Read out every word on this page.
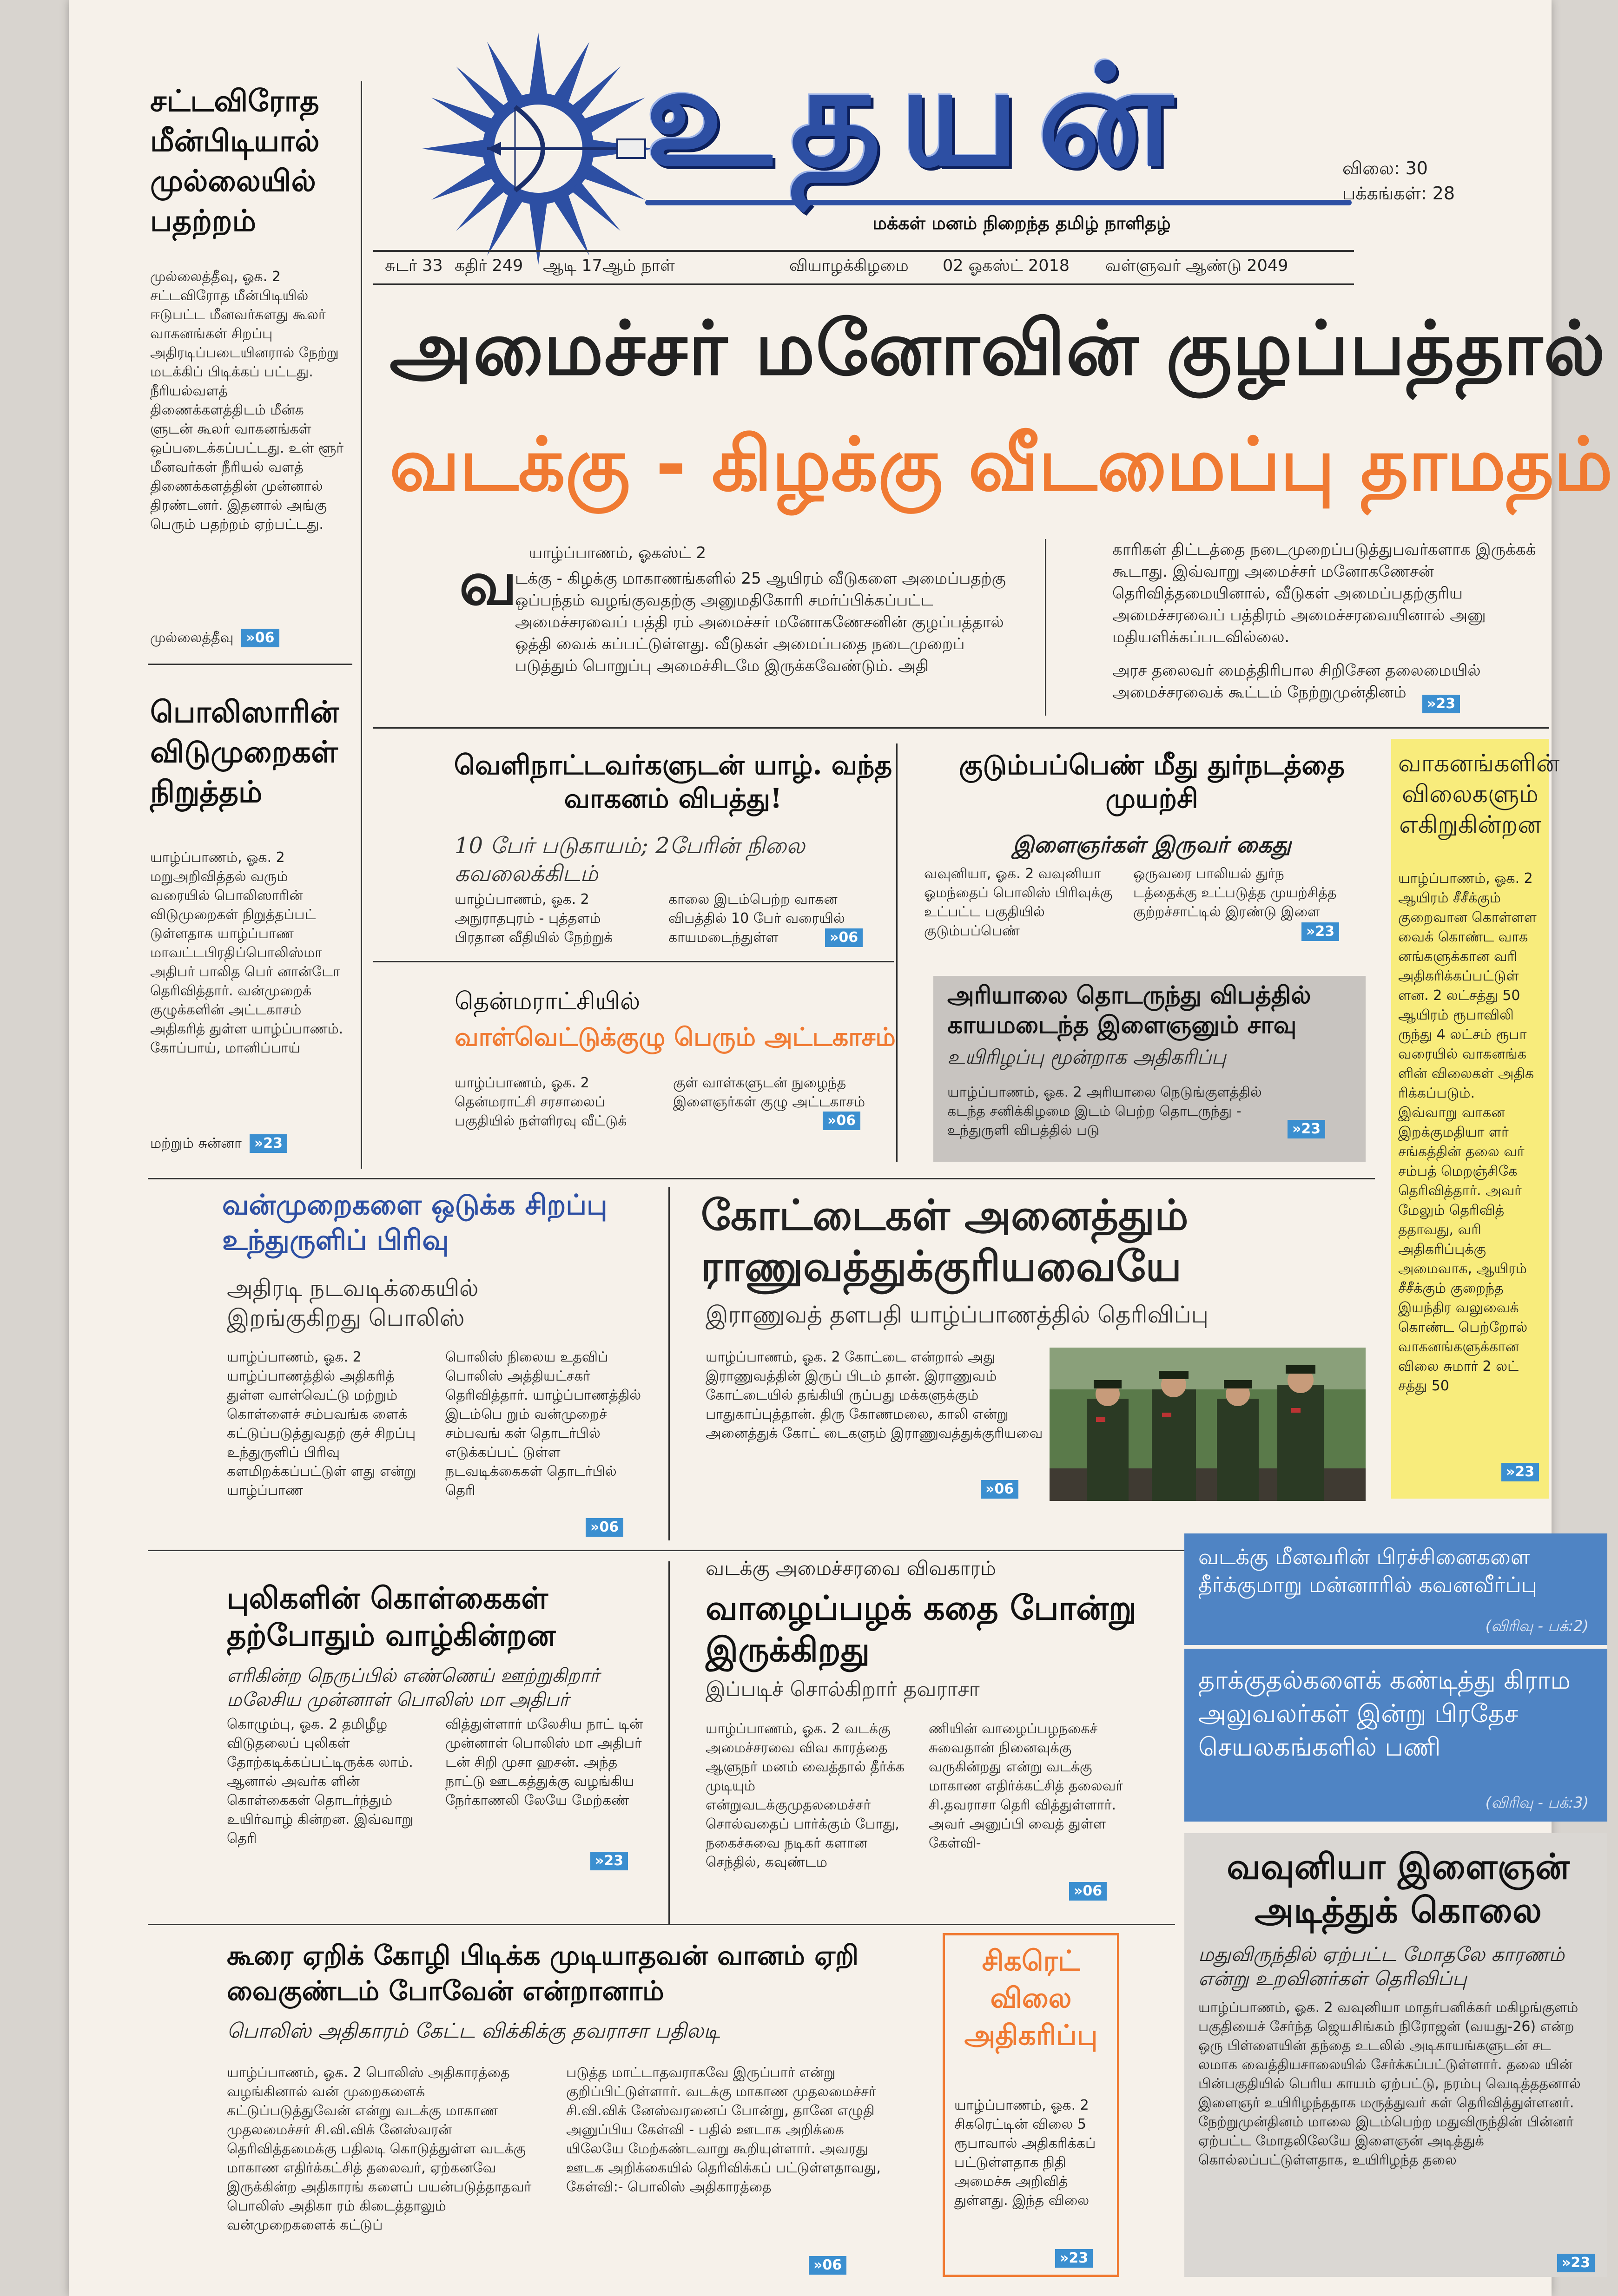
உதயன்
மக்கள் மனம் நிறைந்த தமிழ் நாளிதழ்
விலை: 30
பக்கங்கள்: 28
சுடர் 33 கதிர் 249 ஆடி 17ஆம் நாள்	வியாழக்கிழமை 02 ஓகஸ்ட் 2018 வள்ளுவர் ஆண்டு 2049
சட்டவிரோத மீன்பிடியால் முல்லையில் பதற்றம்

முல்லைத்தீவு, ஓக. 2 சட்டவிரோத மீன்பிடியில் ஈடுபட்ட மீனவர்களது கூலர் வாகனங்கள் சிறப்பு அதிரடிப்படையினரால் நேற்று மடக்கிப் பிடிக்கப் பட்டது. நீரியல்வளத் திணைக்களத்திடம் மீன்க ளுடன் கூலர் வாகனங்கள் ஒப்படைக்கப்பட்டது. உள் ளூர் மீனவர்கள் நீரியல் வளத் திணைக்களத்தின் முன்னால் திரண்டனர். இதனால் அங்கு பெரும் பதற்றம் ஏற்பட்டது.

முல்லைத்தீவு »06
பொலிஸாரின் விடுமுறைகள் நிறுத்தம்

யாழ்ப்பாணம், ஓக. 2 மறுஅறிவித்தல் வரும் வரையில் பொலிஸாரின் விடுமுறைகள் நிறுத்தப்பட் டுள்ளதாக யாழ்ப்பாண மாவட்டபிரதிப்பொலிஸ்மா அதிபர் பாலித பெர் னான்டோ தெரிவித்தார். வன்முறைக் குழுக்களின் அட்டகாசம் அதிகரித் துள்ள யாழ்ப்பாணம். கோப்பாய், மானிப்பாய்

மற்றும் சுன்னா »23
அமைச்சர் மனோவின் குழப்பத்தால்
வடக்கு - கிழக்கு வீடமைப்பு தாமதம்
யாழ்ப்பாணம், ஓகஸ்ட் 2
வ

டக்கு - கிழக்கு மாகாணங்களில் 25 ஆயிரம் வீடுகளை அமைப்பதற்கு ஒப்பந்தம் வழங்குவதற்கு அனுமதிகோரி சமர்ப்பிக்கப்பட்ட அமைச்சரவைப் பத்தி ரம் அமைச்சர் மனோகணேசனின் குழப்பத்தால் ஒத்தி வைக் கப்பட்டுள்ளது. வீடுகள் அமைப்பதை நடைமுறைப் படுத்தும் பொறுப்பு அமைச்சிடமே இருக்கவேண்டும். அதி

காரிகள் திட்டத்தை நடைமுறைப்படுத்துபவர்களாக இருக்கக் கூடாது. இவ்வாறு அமைச்சர் மனோகணேசன் தெரிவித்தமையினால், வீடுகள் அமைப்பதற்குரிய அமைச்சரவைப் பத்திரம் அமைச்சரவையினால் அனு மதியளிக்கப்படவில்லை.

அரச தலைவர் மைத்திரிபால சிறிசேன தலைமையில் அமைச்சரவைக் கூட்டம் நேற்றுமுன்தினம்

»23
வெளிநாட்டவர்களுடன் யாழ். வந்த வாகனம் விபத்து!
10 பேர் படுகாயம்; 2பேரின் நிலை கவலைக்கிடம்

யாழ்ப்பாணம், ஓக. 2 அநுராதபுரம் - புத்தளம் பிரதான வீதியில் நேற்றுக்

காலை இடம்பெற்ற வாகன விபத்தில் 10 பேர் வரையில் காயமடைந்துள்ள	»06
குடும்பப்பெண் மீது துர்நடத்தை முயற்சி
இளைஞர்கள் இருவர் கைது

வவுனியா, ஓக. 2 வவுனியா ஓமந்தைப் பொலிஸ் பிரிவுக்கு உட்பட்ட பகுதியில் குடும்பப்பெண்

ஒருவரை பாலியல் துர்ந டத்தைக்கு உட்படுத்த முயற்சித்த குற்றச்சாட்டில் இரண்டு இளை

»23
தென்மராட்சியில்
வாள்வெட்டுக்குழு பெரும் அட்டகாசம்

யாழ்ப்பாணம், ஓக. 2 தென்மராட்சி சரசாலைப் பகுதியில் நள்ளிரவு வீட்டுக்

குள் வாள்களுடன் நுழைந்த இளைஞர்கள் குழு அட்டகாசம்

»06
அரியாலை தொடருந்து விபத்தில் காயமடைந்த இளைஞனும் சாவு
உயிரிழப்பு மூன்றாக அதிகரிப்பு

யாழ்ப்பாணம், ஓக. 2 அரியாலை நெடுங்குளத்தில் கடந்த சனிக்கிழமை இடம் பெற்ற தொடருந்து - உந்துருளி விபத்தில் படு	»23
வாகனங்களின் விலைகளும் எகிறுகின்றன

யாழ்ப்பாணம், ஓக. 2 ஆயிரம் சீசீக்கும் குறைவான கொள்ளள வைக் கொண்ட வாக னங்களுக்கான வரி அதிகரிக்கப்பட்டுள் ளன. 2 லட்சத்து 50 ஆயிரம் ரூபாவிலி ருந்து 4 லட்சம் ரூபா வரையில் வாகனங்க ளின் விலைகள் அதிக ரிக்கப்படும். இவ்வாறு வாகன இறக்குமதியா ளர் சங்கத்தின் தலை வர் சம்பத் மெறஞ்சிகே தெரிவித்தார். அவர் மேலும் தெரிவித் ததாவது, வரி அதிகரிப்புக்கு அமைவாக, ஆயிரம் சீசீக்கும் குறைந்த இயந்திர வலுவைக் கொண்ட பெற்றோல் வாகனங்களுக்கான விலை சுமார் 2 லட் சத்து 50

»23
வன்முறைகளை ஒடுக்க சிறப்பு உந்துருளிப் பிரிவு
அதிரடி நடவடிக்கையில் இறங்குகிறது பொலிஸ்

யாழ்ப்பாணம், ஓக. 2 யாழ்ப்பாணத்தில் அதிகரித் துள்ள வாள்வெட்டு மற்றும் கொள்ளைச் சம்பவங்க ளைக் கட்டுப்படுத்துவதற் குச் சிறப்பு உந்துருளிப் பிரிவு களமிறக்கப்பட்டுள் ளது என்று யாழ்ப்பாண

பொலிஸ் நிலைய உதவிப் பொலிஸ் அத்தியட்சகர் தெரிவித்தார். யாழ்ப்பாணத்தில் இடம்பெ றும் வன்முறைச் சம்பவங் கள் தொடர்பில் எடுக்கப்பட் டுள்ள நடவடிக்கைகள் தொடர்பில் தெரி

»06
கோட்டைகள் அனைத்தும் ராணுவத்துக்குரியவையே
இராணுவத் தளபதி யாழ்ப்பாணத்தில் தெரிவிப்பு

யாழ்ப்பாணம், ஓக. 2 கோட்டை என்றால் அது இராணுவத்தின் இருப் பிடம் தான். இராணுவம் கோட்டையில் தங்கியி ருப்பது மக்களுக்கும் பாதுகாப்புத்தான். திரு கோணமலை, காலி என்று அனைத்துக் கோட் டைகளும் இராணுவத்துக்குரியவை

»06
புலிகளின் கொள்கைகள் தற்போதும் வாழ்கின்றன
எரிகின்ற நெருப்பில் எண்ணெய் ஊற்றுகிறார் மலேசிய முன்னாள் பொலிஸ் மா அதிபர்

கொழும்பு, ஓக. 2 தமிழீழ விடுதலைப் புலிகள் தோற்கடிக்கப்பட்டிருக்க லாம். ஆனால் அவர்க ளின் கொள்கைகள் தொடர்ந்தும் உயிர்வாழ் கின்றன. இவ்வாறு தெரி

வித்துள்ளார் மலேசிய நாட் டின் முன்னாள் பொலிஸ் மா அதிபர் டன் சிறி முசா ஹசன். அந்த நாட்டு ஊடகத்துக்கு வழங்கிய நேர்காணலி லேயே மேற்கண்

»23
வடக்கு அமைச்சரவை விவகாரம்
வாழைப்பழக் கதை போன்று இருக்கிறது
இப்படிச் சொல்கிறார் தவராசா

யாழ்ப்பாணம், ஓக. 2 வடக்கு அமைச்சரவை விவ காரத்தை ஆளுநர் மனம் வைத்தால் தீர்க்க முடியும் என்றுவடக்குமுதலமைச்சர் சொல்வதைப் பார்க்கும் போது, நகைச்சுவை நடிகர் களான செந்தில், கவுண்டம

ணியின் வாழைப்பழநகைச் சுவைதான் நினைவுக்கு வருகின்றது என்று வடக்கு மாகாண எதிர்க்கட்சித் தலைவர் சி.தவராசா தெரி வித்துள்ளார். அவர் அனுப்பி வைத் துள்ள கேள்வி-

»06
வடக்கு மீனவரின் பிரச்சினைகளை தீர்க்குமாறு மன்னாரில் கவனவீர்ப்பு
(விரிவு - பக்:2)
தாக்குதல்களைக் கண்டித்து கிராம அலுவலர்கள் இன்று பிரதேச செயலகங்களில் பணி
(விரிவு - பக்:3)
வவுனியா இளைஞன் அடித்துக் கொலை
மதுவிருந்தில் ஏற்பட்ட மோதலே காரணம் என்று உறவினர்கள் தெரிவிப்பு

யாழ்ப்பாணம், ஓக. 2 வவுனியா மாதர்பனிக்கர் மகிழங்குளம் பகுதியைச் சேர்ந்த ஜெயசிங்கம் நிரோஜன் (வயது-26) என்ற ஒரு பிள்ளையின் தந்தை உடலில் அடிகாயங்களுடன் சட லமாக வைத்தியசாலையில் சேர்க்கப்பட்டுள்ளார். தலை யின் பின்பகுதியில் பெரிய காயம் ஏற்பட்டு, நரம்பு வெடித்ததனால் இளைஞர் உயிரிழந்ததாக மருத்துவர் கள் தெரிவித்துள்ளனர். நேற்றுமுன்தினம் மாலை இடம்பெற்ற மதுவிருந்தின் பின்னர் ஏற்பட்ட மோதலிலேயே இளைஞன் அடித்துக் கொல்லப்பட்டுள்ளதாக, உயிரிழந்த தலை

»23
கூரை ஏறிக் கோழி பிடிக்க முடியாதவன் வானம் ஏறி வைகுண்டம் போவேன் என்றானாம்
பொலிஸ் அதிகாரம் கேட்ட விக்கிக்கு தவராசா பதிலடி

யாழ்ப்பாணம், ஓக. 2 பொலிஸ் அதிகாரத்தை வழங்கினால் வன் முறைகளைக் கட்டுப்படுத்துவேன் என்று வடக்கு மாகாண முதலமைச்சர் சி.வி.விக் னேஸ்வரன் தெரிவித்தமைக்கு பதிலடி கொடுத்துள்ள வடக்கு மாகாண எதிர்க்கட்சித் தலைவர், ஏற்கனவே இருக்கின்ற அதிகாரங் களைப் பயன்படுத்தாதவர் பொலிஸ் அதிகா ரம் கிடைத்தாலும் வன்முறைகளைக் கட்டுப்

படுத்த மாட்டாதவராகவே இருப்பார் என்று குறிப்பிட்டுள்ளார். வடக்கு மாகாண முதலமைச்சர் சி.வி.விக் னேஸ்வரனைப் போன்று, தானே எழுதி அனுப்பிய கேள்வி - பதில் ஊடாக அறிக்கை யிலேயே மேற்கண்டவாறு கூறியுள்ளார். அவரது ஊடக அறிக்கையில் தெரிவிக்கப் பட்டுள்ளதாவது, கேள்வி:- பொலிஸ் அதிகாரத்தை

»06
சிகரெட் விலை அதிகரிப்பு

யாழ்ப்பாணம், ஓக. 2 சிகரெட்டின் விலை 5 ரூபாவால் அதிகரிக்கப் பட்டுள்ளதாக நிதி அமைச்சு அறிவித் துள்ளது. இந்த விலை

»23
